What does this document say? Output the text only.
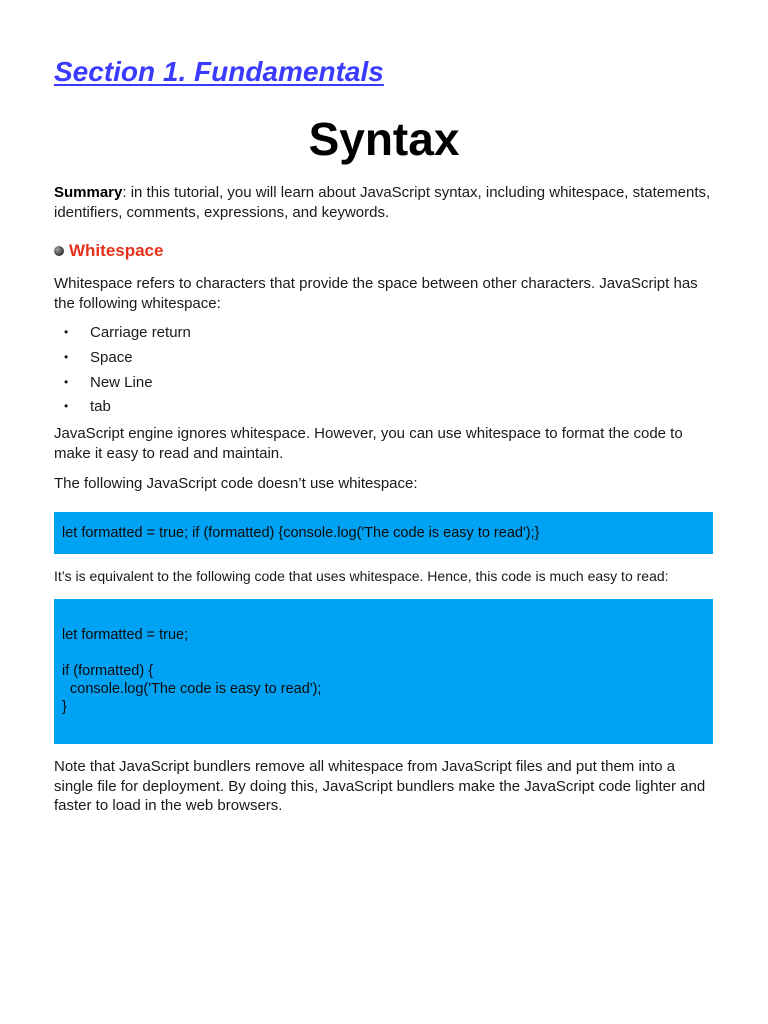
Section 1. Fundamentals
Syntax

Summary: in this tutorial, you will learn about JavaScript syntax, including whitespace, statements, identifiers, comments, expressions, and keywords.

Whitespace

Whitespace refers to characters that provide the space between other characters. JavaScript has the following whitespace:

•	Carriage return
•	Space
•	New Line
•	tab

JavaScript engine ignores whitespace. However, you can use whitespace to format the code to make it easy to read and maintain.

The following JavaScript code doesn’t use whitespace:

let formatted = true; if (formatted) {console.log('The code is easy to read');}

It’s is equivalent to the following code that uses whitespace. Hence, this code is much easy to read:

let formatted = true;
if (formatted) {
console.log('The code is easy to read');
}

Note that JavaScript bundlers remove all whitespace from JavaScript files and put them into a single file for deployment. By doing this, JavaScript bundlers make the JavaScript code lighter and faster to load in the web browsers.
